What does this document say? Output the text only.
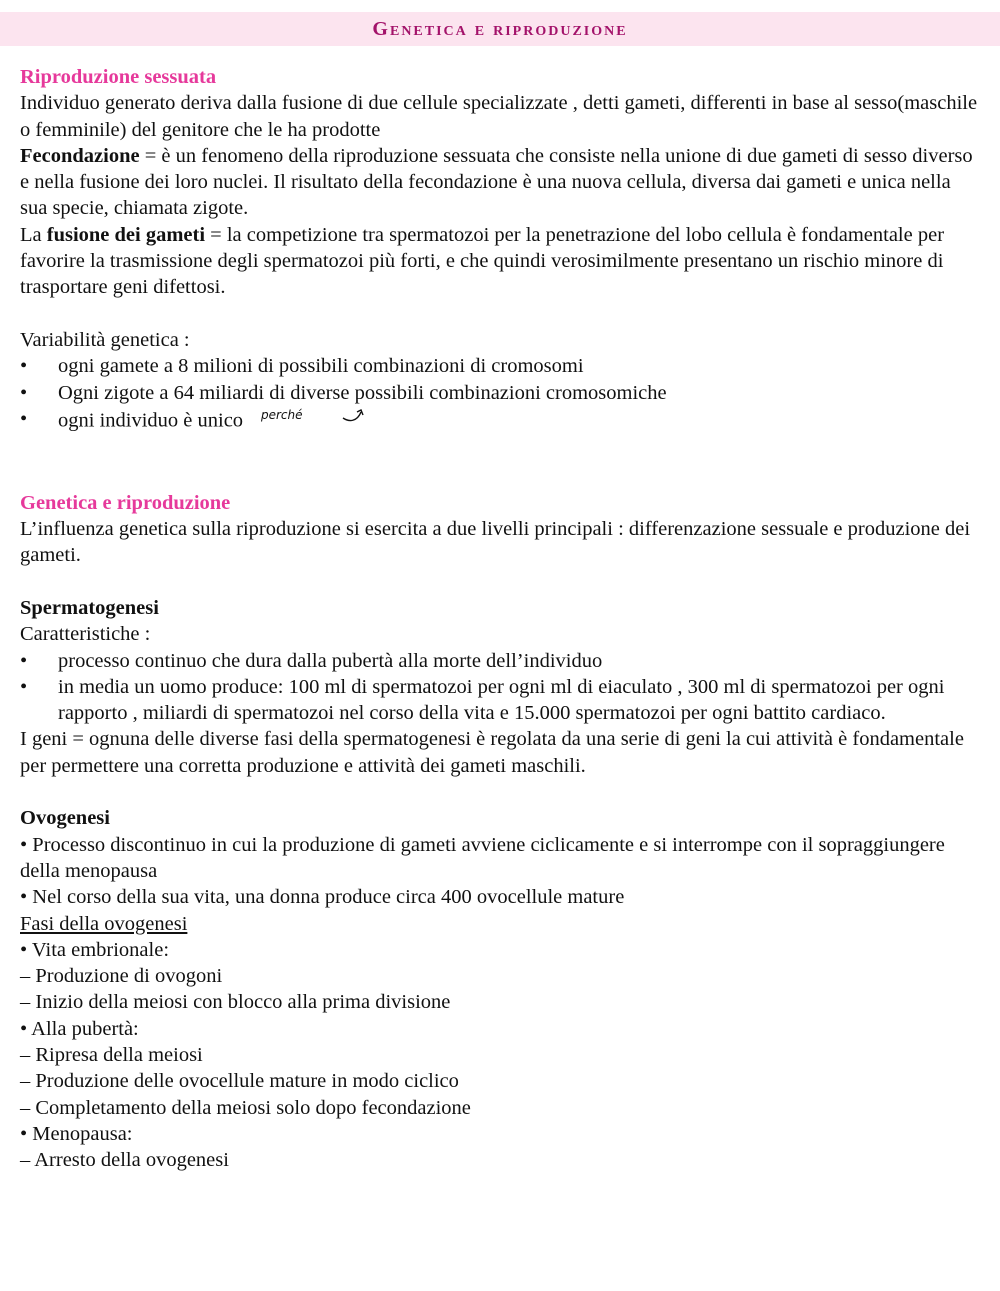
Genetica e riproduzione

Riproduzione sessuata

Individuo generato deriva dalla fusione di due cellule specializzate , detti gameti, differenti in base al sesso(maschile o femminile) del genitore che le ha prodotte

Fecondazione = è un fenomeno della riproduzione sessuata che consiste nella unione di due gameti di sesso diverso e nella fusione dei loro nuclei. Il risultato della fecondazione è una nuova cellula, diversa dai gameti e unica nella sua specie, chiamata zigote.

La fusione dei gameti = la competizione tra spermatozoi per la penetrazione del lobo cellula è fondamentale per favorire la trasmissione degli spermatozoi più forti, e che quindi verosimilmente presentano un rischio minore di trasportare geni difettosi.

Variabilità genetica :

• ogni gamete a 8 milioni di possibili combinazioni di cromosomi
• Ogni zigote a 64 miliardi di diverse possibili combinazioni cromosomiche
• ogni individuo è unico perché

Genetica e riproduzione

L’influenza genetica sulla riproduzione si esercita a due livelli principali : differenzazione sessuale e produzione dei gameti.

Spermatogenesi

Caratteristiche :

• processo continuo che dura dalla pubertà alla morte dell’individuo
• in media un uomo produce: 100 ml di spermatozoi per ogni ml di eiaculato , 300 ml di spermatozoi per ogni rapporto , miliardi di spermatozoi nel corso della vita e 15.000 spermatozoi per ogni battito cardiaco.

I geni = ognuna delle diverse fasi della spermatogenesi è regolata da una serie di geni la cui attività è fondamentale per permettere una corretta produzione e attività dei gameti maschili.

Ovogenesi

• Processo discontinuo in cui la produzione di gameti avviene ciclicamente e si interrompe con il sopraggiungere della menopausa

• Nel corso della sua vita, una donna produce circa 400 ovocellule mature

Fasi della ovogenesi

• Vita embrionale:

– Produzione di ovogoni

– Inizio della meiosi con blocco alla prima divisione

• Alla pubertà:

– Ripresa della meiosi

– Produzione delle ovocellule mature in modo ciclico

– Completamento della meiosi solo dopo fecondazione

• Menopausa:

– Arresto della ovogenesi
